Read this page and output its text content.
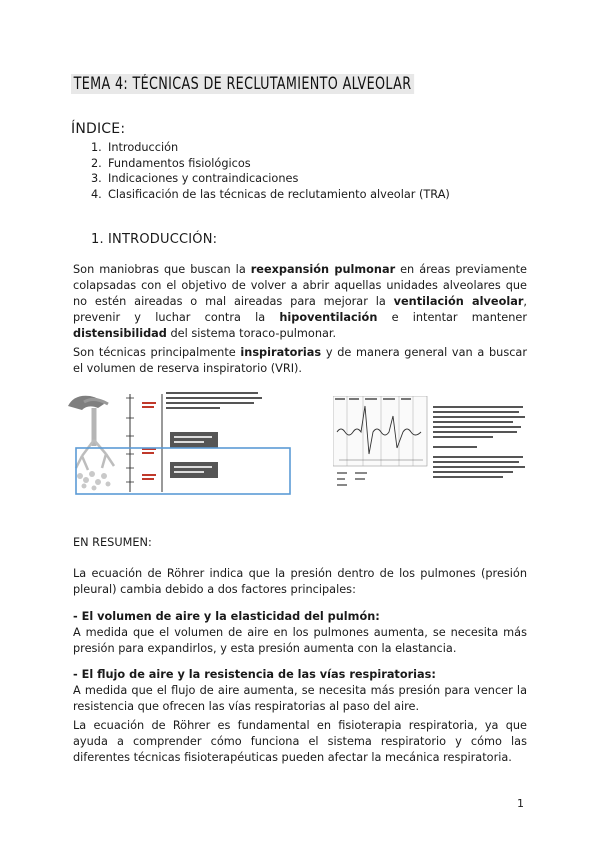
TEMA 4: TÉCNICAS DE RECLUTAMIENTO ALVEOLAR
ÍNDICE:
1. Introducción
2. Fundamentos fisiológicos
3. Indicaciones y contraindicaciones
4. Clasificación de las técnicas de reclutamiento alveolar (TRA)
1. INTRODUCCIÓN:

Son maniobras que buscan la reexpansión pulmonar en áreas previamente colapsadas con el objetivo de volver a abrir aquellas unidades alveolares que no estén aireadas o mal aireadas para mejorar la ventilación alveolar, prevenir y luchar contra la hipoventilación e intentar mantener distensibilidad del sistema toraco-pulmonar.

Son técnicas principalmente inspiratorias y de manera general van a buscar el volumen de reserva inspiratorio (VRI).

EN RESUMEN:

La ecuación de Röhrer indica que la presión dentro de los pulmones (presión pleural) cambia debido a dos factores principales:

- El volumen de aire y la elasticidad del pulmón:
A medida que el volumen de aire en los pulmones aumenta, se necesita más presión para expandirlos, y esta presión aumenta con la elastancia.

- El flujo de aire y la resistencia de las vías respiratorias:
A medida que el flujo de aire aumenta, se necesita más presión para vencer la resistencia que ofrecen las vías respiratorias al paso del aire.

La ecuación de Röhrer es fundamental en fisioterapia respiratoria, ya que ayuda a comprender cómo funciona el sistema respiratorio y cómo las diferentes técnicas fisioterapéuticas pueden afectar la mecánica respiratoria.

1
